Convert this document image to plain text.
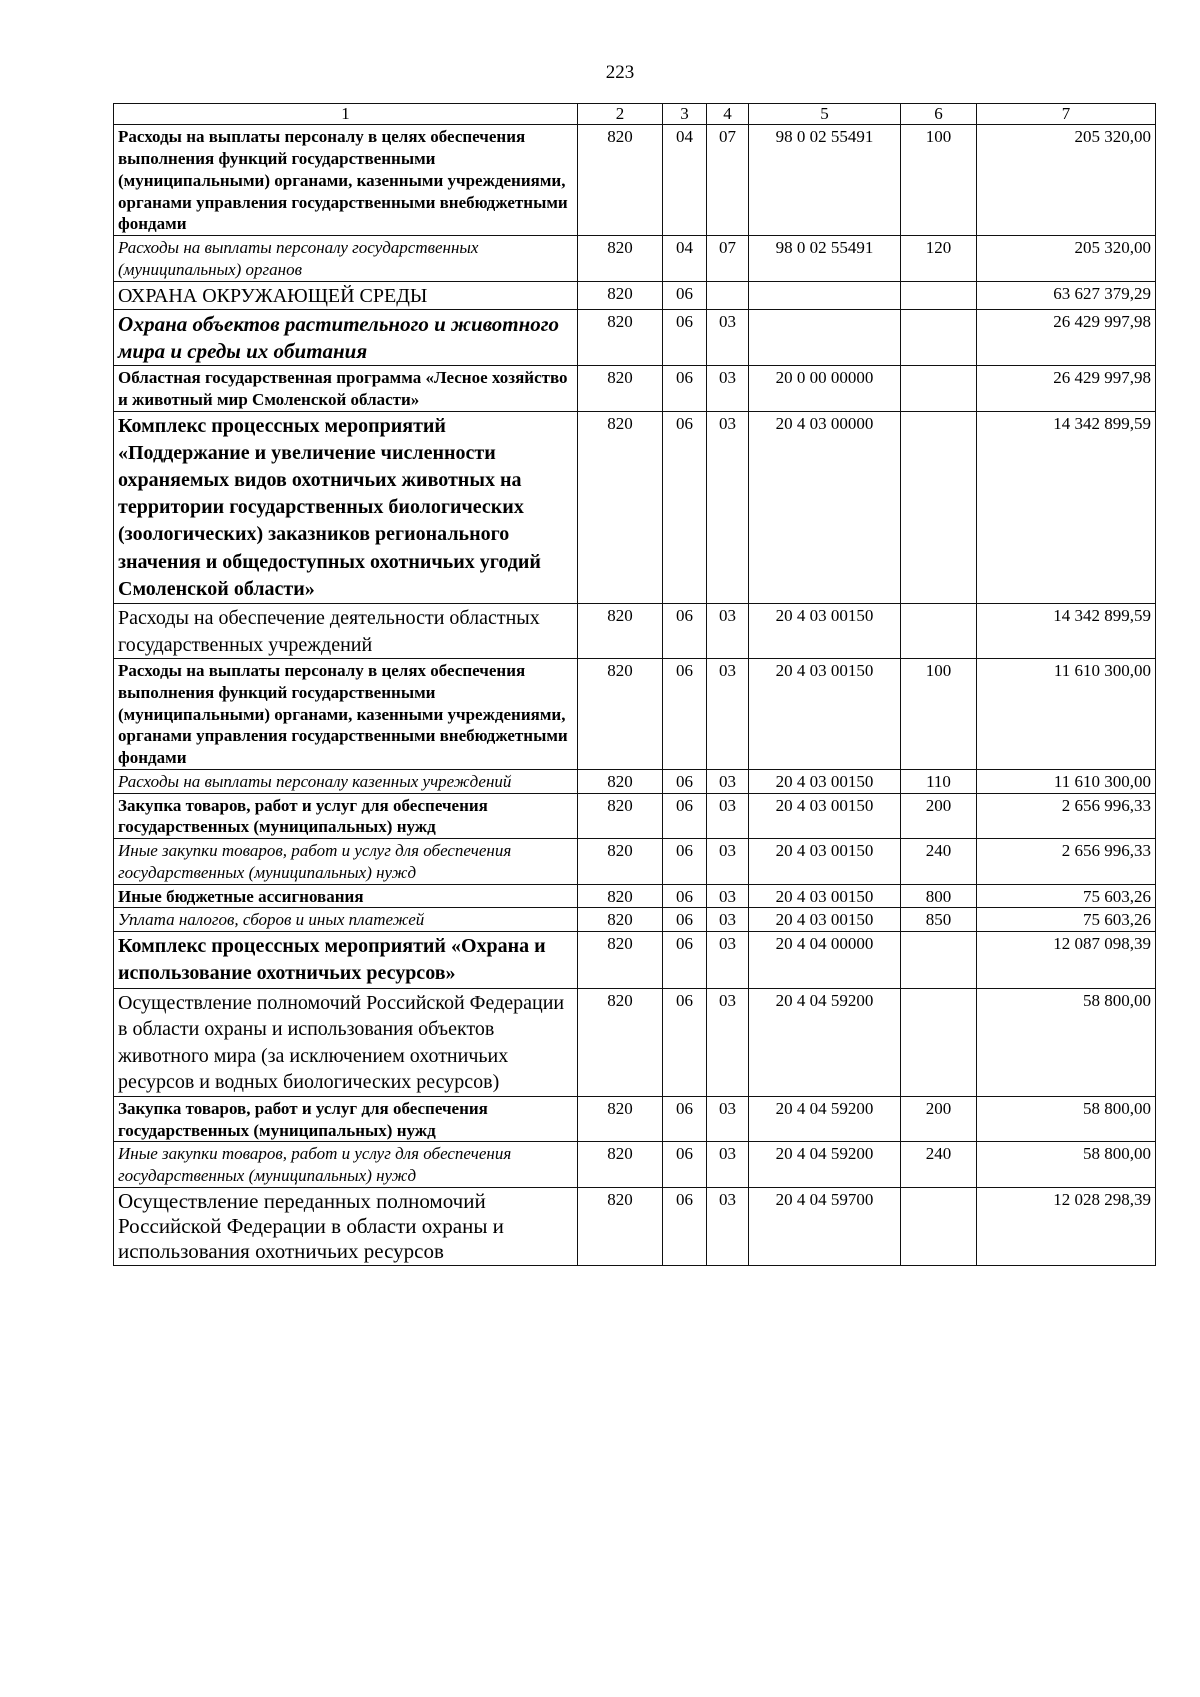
223
1	2	3	4	5	6	7
Расходы на выплаты персоналу в целях обеспечения выполнения функций государственными (муниципальными) органами, казенными учреждениями, органами управления государственными внебюджетными фондами	820	04	07	98 0 02 55491	100	205 320,00
Расходы на выплаты персоналу государственных (муниципальных) органов	820	04	07	98 0 02 55491	120	205 320,00
ОХРАНА ОКРУЖАЮЩЕЙ СРЕДЫ	820	06				63 627 379,29
Охрана объектов растительного и животного мира и среды их обитания	820	06	03			26 429 997,98
Областная государственная программа «Лесное хозяйство и животный мир Смоленской области»	820	06	03	20 0 00 00000		26 429 997,98
Комплекс процессных мероприятий «Поддержание и увеличение численности охраняемых видов охотничьих животных на территории государственных биологических (зоологических) заказников регионального значения и общедоступных охотничьих угодий Смоленской области»	820	06	03	20 4 03 00000		14 342 899,59
Расходы на обеспечение деятельности областных государственных учреждений	820	06	03	20 4 03 00150		14 342 899,59
Расходы на выплаты персоналу в целях обеспечения выполнения функций государственными (муниципальными) органами, казенными учреждениями, органами управления государственными внебюджетными фондами	820	06	03	20 4 03 00150	100	11 610 300,00
Расходы на выплаты персоналу казенных учреждений	820	06	03	20 4 03 00150	110	11 610 300,00
Закупка товаров, работ и услуг для обеспечения государственных (муниципальных) нужд	820	06	03	20 4 03 00150	200	2 656 996,33
Иные закупки товаров, работ и услуг для обеспечения государственных (муниципальных) нужд	820	06	03	20 4 03 00150	240	2 656 996,33
Иные бюджетные ассигнования	820	06	03	20 4 03 00150	800	75 603,26
Уплата налогов, сборов и иных платежей	820	06	03	20 4 03 00150	850	75 603,26
Комплекс процессных мероприятий «Охрана и использование охотничьих ресурсов»	820	06	03	20 4 04 00000		12 087 098,39
Осуществление полномочий Российской Федерации в области охраны и использования объектов животного мира (за исключением охотничьих ресурсов и водных биологических ресурсов)	820	06	03	20 4 04 59200		58 800,00
Закупка товаров, работ и услуг для обеспечения государственных (муниципальных) нужд	820	06	03	20 4 04 59200	200	58 800,00
Иные закупки товаров, работ и услуг для обеспечения государственных (муниципальных) нужд	820	06	03	20 4 04 59200	240	58 800,00
Осуществление переданных полномочий Российской Федерации в области охраны и использования охотничьих ресурсов	820	06	03	20 4 04 59700		12 028 298,39
